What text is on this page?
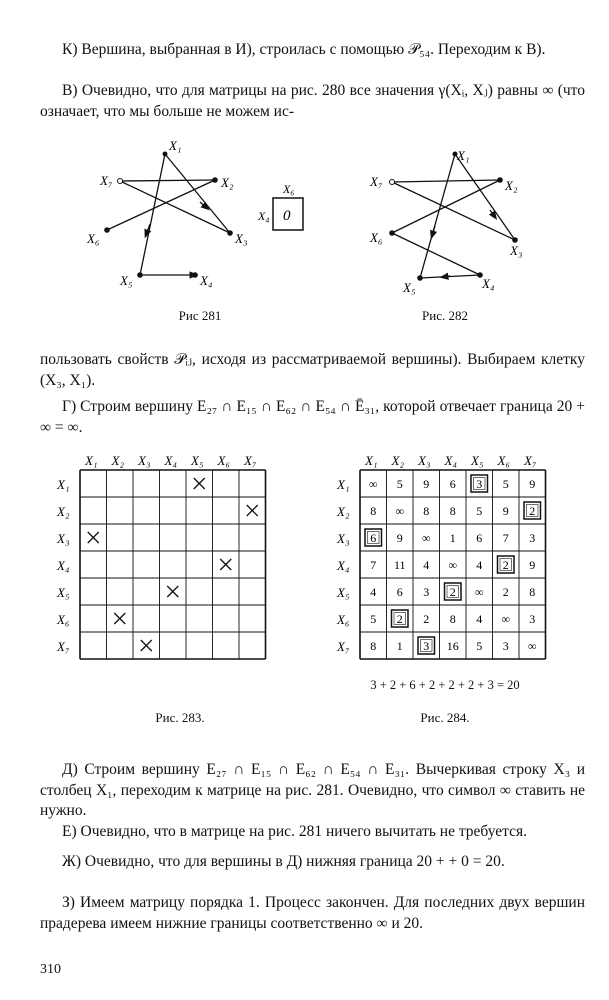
К) Вершина, выбранная в И), строилась с помощью 𝒫₅₄. Переходим к В).

В) Очевидно, что для матрицы на рис. 280 все значения γ(Xᵢ, Xⱼ) равны ∞ (что означает, что мы больше не можем ис-

X₁
X₂
X₃
X₄
X₅
X₆
X₇
0
X₆
X₄
Рис 281
X₁
X₂
X₃
X₄
X₅
X₆
X₇
Рис. 282

пользовать свойств 𝒫ᵢⱼ, исходя из рассматриваемой вершины). Выбираем клетку (X₃, X₁).

Г) Строим вершину E₂₇ ∩ E₁₅ ∩ E₆₂ ∩ E₅₄ ∩ Ē₃₁, которой отвечает граница 20 + ∞ = ∞.

X₁
X₁
X₂
X₂
X₃
X₃
X₄
X₄
X₅
X₅
X₆
X₆
X₇
X₇
Рис. 283.
X₁
X₁
X₂
X₂
X₃
X₃
X₄
X₄
X₅
X₅
X₆
X₆
X₇
X₇
∞ 5 9 6 3 5 9
8 ∞ 8 8 5 9 2
6 9 ∞ 1 6 7 3
7 11 4 ∞ 4 2 9
4 6 3 2 ∞ 2 8
5 2 2 8 4 ∞ 3
8 1 3 16 5 3 ∞
3 + 2 + 6 + 2 + 2 + 2 + 3 = 20
Рис. 284.

Д) Строим вершину E₂₇ ∩ E₁₅ ∩ E₆₂ ∩ E₅₄ ∩ E₃₁. Вычеркивая строку X₃ и столбец X₁, переходим к матрице на рис. 281. Очевидно, что символ ∞ ставить не нужно.

Е) Очевидно, что в матрице на рис. 281 ничего вычитать не требуется.

Ж) Очевидно, что для вершины в Д) нижняя граница 20 + + 0 = 20.

З) Имеем матрицу порядка 1. Процесс закончен. Для последних двух вершин прадерева имеем нижние границы соответственно ∞ и 20.

310
